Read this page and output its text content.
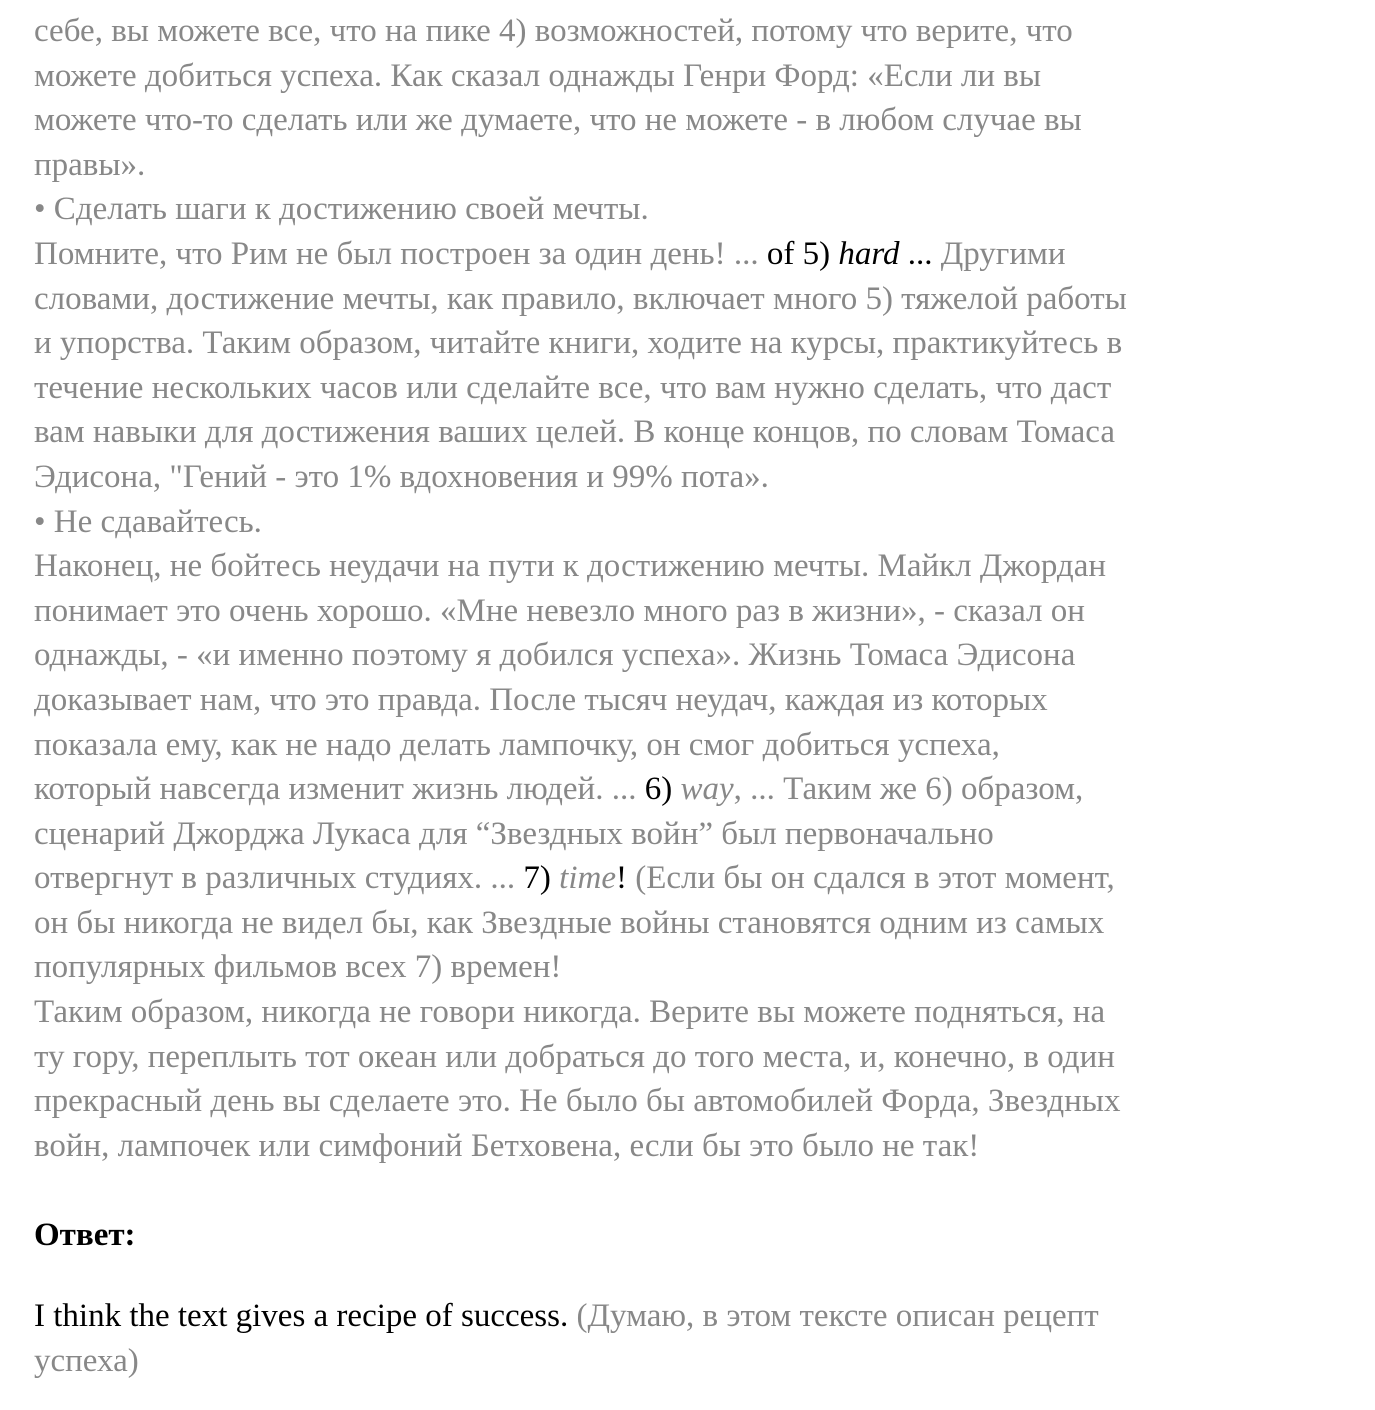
себе, вы можете все, что на пике 4) возможностей, потому что верите, что
можете добиться успеха. Как сказал однажды Генри Форд: «Если ли вы
можете что-то сделать или же думаете, что не можете - в любом случае вы
правы».
• Сделать шаги к достижению своей мечты.
Помните, что Рим не был построен за один день! ... of 5) hard ... Другими
словами, достижение мечты, как правило, включает много 5) тяжелой работы
и упорства. Таким образом, читайте книги, ходите на курсы, практикуйтесь в
течение нескольких часов или сделайте все, что вам нужно сделать, что даст
вам навыки для достижения ваших целей. В конце концов, по словам Томаса
Эдисона, "Гений - это 1% вдохновения и 99% пота».
• Не сдавайтесь.
Наконец, не бойтесь неудачи на пути к достижению мечты. Майкл Джордан
понимает это очень хорошо. «Мне невезло много раз в жизни», - сказал он
однажды, - «и именно поэтому я добился успеха». Жизнь Томаса Эдисона
доказывает нам, что это правда. После тысяч неудач, каждая из которых
показала ему, как не надо делать лампочку, он смог добиться успеха,
который навсегда изменит жизнь людей. ... 6) way, ... Таким же 6) образом,
сценарий Джорджа Лукаса для “Звездных войн” был первоначально
отвергнут в различных студиях. ... 7) time! (Если бы он сдался в этот момент,
он бы никогда не видел бы, как Звездные войны становятся одним из самых
популярных фильмов всех 7) времен!
Таким образом, никогда не говори никогда. Верите вы можете подняться, на
ту гору, переплыть тот океан или добраться до того места, и, конечно, в один
прекрасный день вы сделаете это. Не было бы автомобилей Форда, Звездных
войн, лампочек или симфоний Бетховена, если бы это было не так!
Ответ:
I think the text gives a recipe of success. (Думаю, в этом тексте описан рецепт
успеха)
